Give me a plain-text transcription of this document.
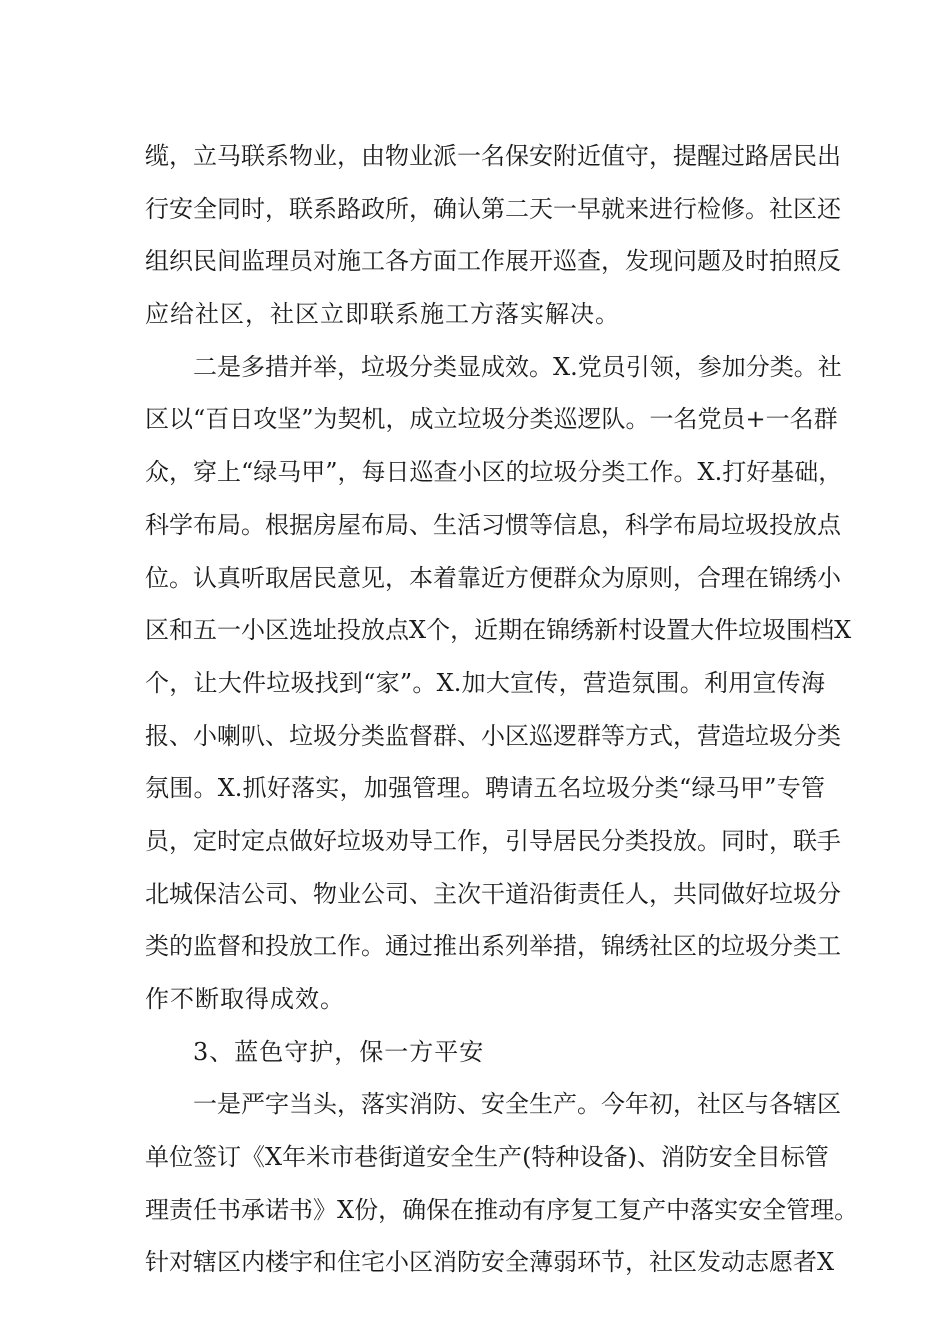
缆，立马联系物业，由物业派一名保安附近值守，提醒过路居民出
行安全同时，联系路政所，确认第二天一早就来进行检修。社区还
组织民间监理员对施工各方面工作展开巡查，发现问题及时拍照反
应给社区，社区立即联系施工方落实解决。
二是多措并举，垃圾分类显成效。X.党员引领，参加分类。社
区以“百日攻坚”为契机，成立垃圾分类巡逻队。一名党员+一名群
众，穿上“绿马甲”，每日巡查小区的垃圾分类工作。X.打好基础，
科学布局。根据房屋布局、生活习惯等信息，科学布局垃圾投放点
位。认真听取居民意见，本着靠近方便群众为原则，合理在锦绣小
区和五一小区选址投放点X个，近期在锦绣新村设置大件垃圾围档X
个，让大件垃圾找到“家”。X.加大宣传，营造氛围。利用宣传海
报、小喇叭、垃圾分类监督群、小区巡逻群等方式，营造垃圾分类
氛围。X.抓好落实，加强管理。聘请五名垃圾分类“绿马甲”专管
员，定时定点做好垃圾劝导工作，引导居民分类投放。同时，联手
北城保洁公司、物业公司、主次干道沿街责任人，共同做好垃圾分
类的监督和投放工作。通过推出系列举措，锦绣社区的垃圾分类工
作不断取得成效。
3、蓝色守护，保一方平安
一是严字当头，落实消防、安全生产。今年初，社区与各辖区
单位签订《X年米市巷街道安全生产(特种设备)、消防安全目标管
理责任书承诺书》X份，确保在推动有序复工复产中落实安全管理。
针对辖区内楼宇和住宅小区消防安全薄弱环节，社区发动志愿者X
